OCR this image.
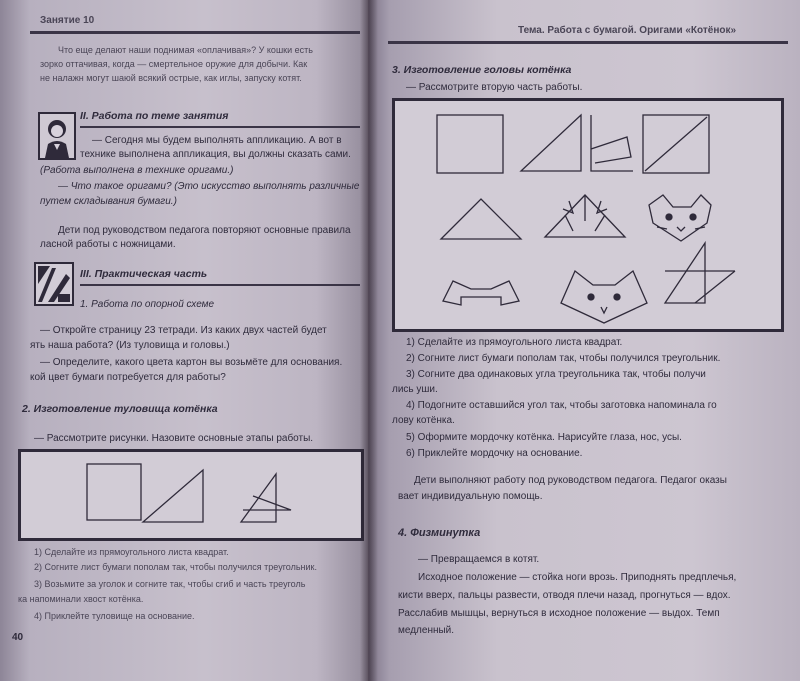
Занятие 10
Что еще делают наши поднимая «оплачивая»? У кошки есть
зорко оттачивая, когда — смертельное оружие для добычи. Как
не налажн могут шаюй всякий острые, как иглы, запуску котят.
II. Работа по теме занятия
— Сегодня мы будем выполнять аппликацию. А вот в
технике выполнена аппликация, вы должны сказать сами.
(Работа выполнена в технике оригами.)
— Что такое оригами? (Это искусство выполнять различные
путем складывания бумаги.)
Дети под руководством педагога повторяют основные правила
ласной работы с ножницами.
III. Практическая часть
1. Работа по опорной схеме
— Откройте страницу 23 тетради. Из каких двух частей будет
ять наша работа? (Из туловища и головы.)
— Определите, какого цвета картон вы возьмёте для основания.
кой цвет бумаги потребуется для работы?
2. Изготовление туловища котёнка
— Рассмотрите рисунки. Назовите основные этапы работы.
1) Сделайте из прямоугольного листа квадрат.
2) Согните лист бумаги пополам так, чтобы получился треугольник.
3) Возьмите за уголок и согните так, чтобы сгиб и часть треуголь
ка напоминали хвост котёнка.
4) Приклейте туловище на основание.
40
Тема. Работа с бумагой. Оригами «Котёнок»
3. Изготовление головы котёнка
— Рассмотрите вторую часть работы.
1) Сделайте из прямоугольного листа квадрат.
2) Согните лист бумаги пополам так, чтобы получился треугольник.
3) Согните два одинаковых угла треугольника так, чтобы получи
лись уши.
4) Подогните оставшийся угол так, чтобы заготовка напоминала го
лову котёнка.
5) Оформите мордочку котёнка. Нарисуйте глаза, нос, усы.
6) Приклейте мордочку на основание.
Дети выполняют работу под руководством педагога. Педагог оказы
вает индивидуальную помощь.
4. Физминутка
— Превращаемся в котят.
Исходное положение — стойка ноги врозь. Приподнять предплечья,
кисти вверх, пальцы развести, отводя плечи назад, прогнуться — вдох.
Расслабив мышцы, вернуться в исходное положение — выдох. Темп
медленный.
